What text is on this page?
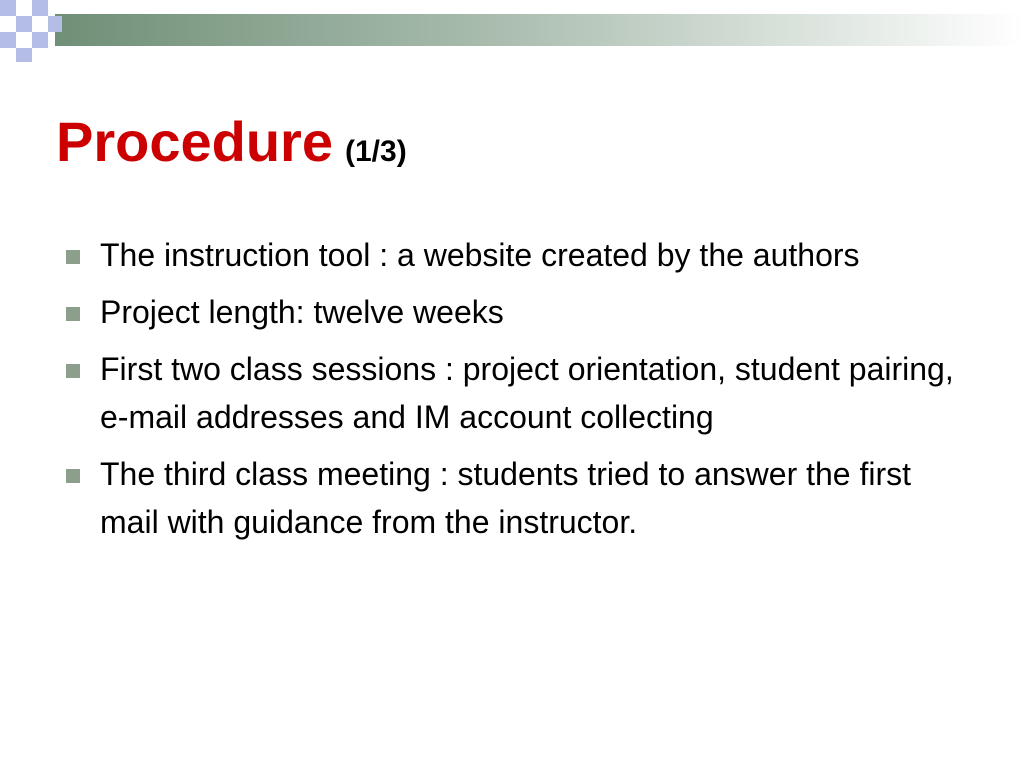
Procedure (1/3)
The instruction tool : a website created by the authors
Project length: twelve weeks
First two class sessions : project orientation, student pairing, e-mail addresses and IM account collecting
The third class meeting : students tried to answer the first mail with guidance from the instructor.
